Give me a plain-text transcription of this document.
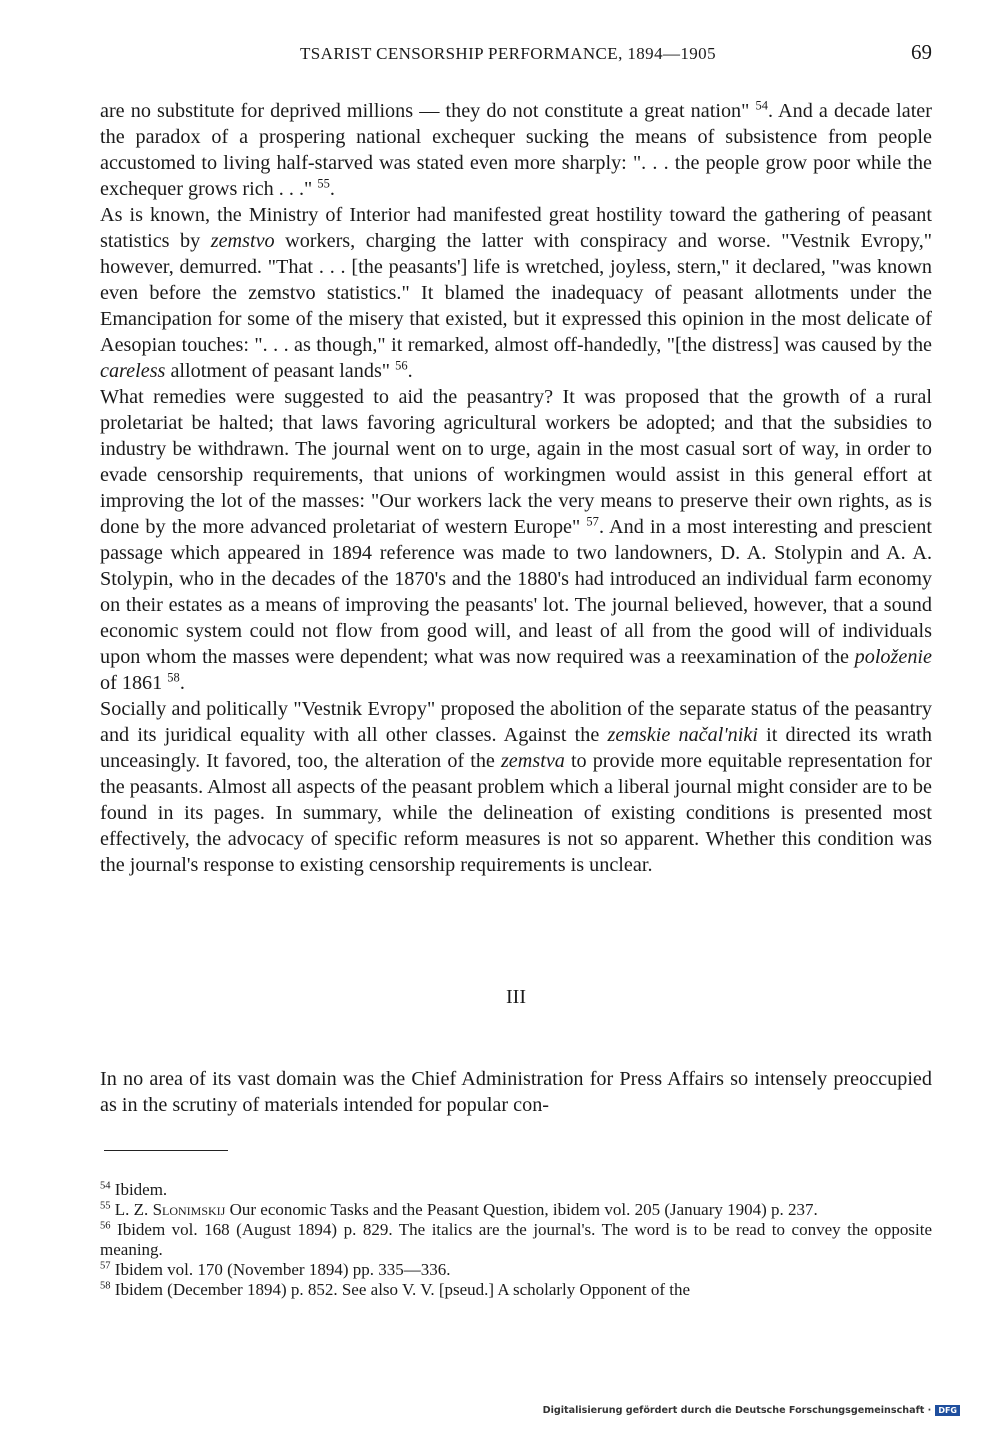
TSARIST CENSORSHIP PERFORMANCE, 1894—1905	69

are no substitute for deprived millions — they do not constitute a great nation" $^{54}$. And a decade later the paradox of a prospering national exchequer sucking the means of subsistence from people accustomed to living half-starved was stated even more sharply: ". . . the people grow poor while the exchequer grows rich . . ." $^{55}$.

As is known, the Ministry of Interior had manifested great hostility toward the gathering of peasant statistics by zemstvo workers, charging the latter with conspiracy and worse. "Vestnik Evropy," however, demurred. "That . . . [the peasants'] life is wretched, joyless, stern," it declared, "was known even before the zemstvo statistics." It blamed the inadequacy of peasant allotments under the Emancipation for some of the misery that existed, but it expressed this opinion in the most delicate of Aesopian touches: ". . . as though," it remarked, almost off-handedly, "[the distress] was caused by the careless allotment of peasant lands" $^{56}$.

What remedies were suggested to aid the peasantry? It was proposed that the growth of a rural proletariat be halted; that laws favoring agricultural workers be adopted; and that the subsidies to industry be withdrawn. The journal went on to urge, again in the most casual sort of way, in order to evade censorship requirements, that unions of workingmen would assist in this general effort at improving the lot of the masses: "Our workers lack the very means to preserve their own rights, as is done by the more advanced proletariat of western Europe" $^{57}$. And in a most interesting and prescient passage which appeared in 1894 reference was made to two landowners, D. A. Stolypin and A. A. Stolypin, who in the decades of the 1870's and the 1880's had introduced an individual farm economy on their estates as a means of improving the peasants' lot. The journal believed, however, that a sound economic system could not flow from good will, and least of all from the good will of individuals upon whom the masses were dependent; what was now required was a reexamination of the položenie of 1861 $^{58}$.

Socially and politically "Vestnik Evropy" proposed the abolition of the separate status of the peasantry and its juridical equality with all other classes. Against the zemskie načal'niki it directed its wrath unceasingly. It favored, too, the alteration of the zemstva to provide more equitable representation for the peasants. Almost all aspects of the peasant problem which a liberal journal might consider are to be found in its pages. In summary, while the delineation of existing conditions is presented most effectively, the advocacy of specific reform measures is not so apparent. Whether this condition was the journal's response to existing censorship requirements is unclear.

III

In no area of its vast domain was the Chief Administration for Press Affairs so intensely preoccupied as in the scrutiny of materials intended for popular con-

$^{54}$ Ibidem.

$^{55}$ L. Z. Slonimskij Our economic Tasks and the Peasant Question, ibidem vol. 205 (January 1904) p. 237.

$^{56}$ Ibidem vol. 168 (August 1894) p. 829. The italics are the journal's. The word is to be read to convey the opposite meaning.

$^{57}$ Ibidem vol. 170 (November 1894) pp. 335—336.

$^{58}$ Ibidem (December 1894) p. 852. See also V. V. [pseud.] A scholarly Opponent of the

Digitalisierung gefördert durch die Deutsche Forschungsgemeinschaft · DFG
